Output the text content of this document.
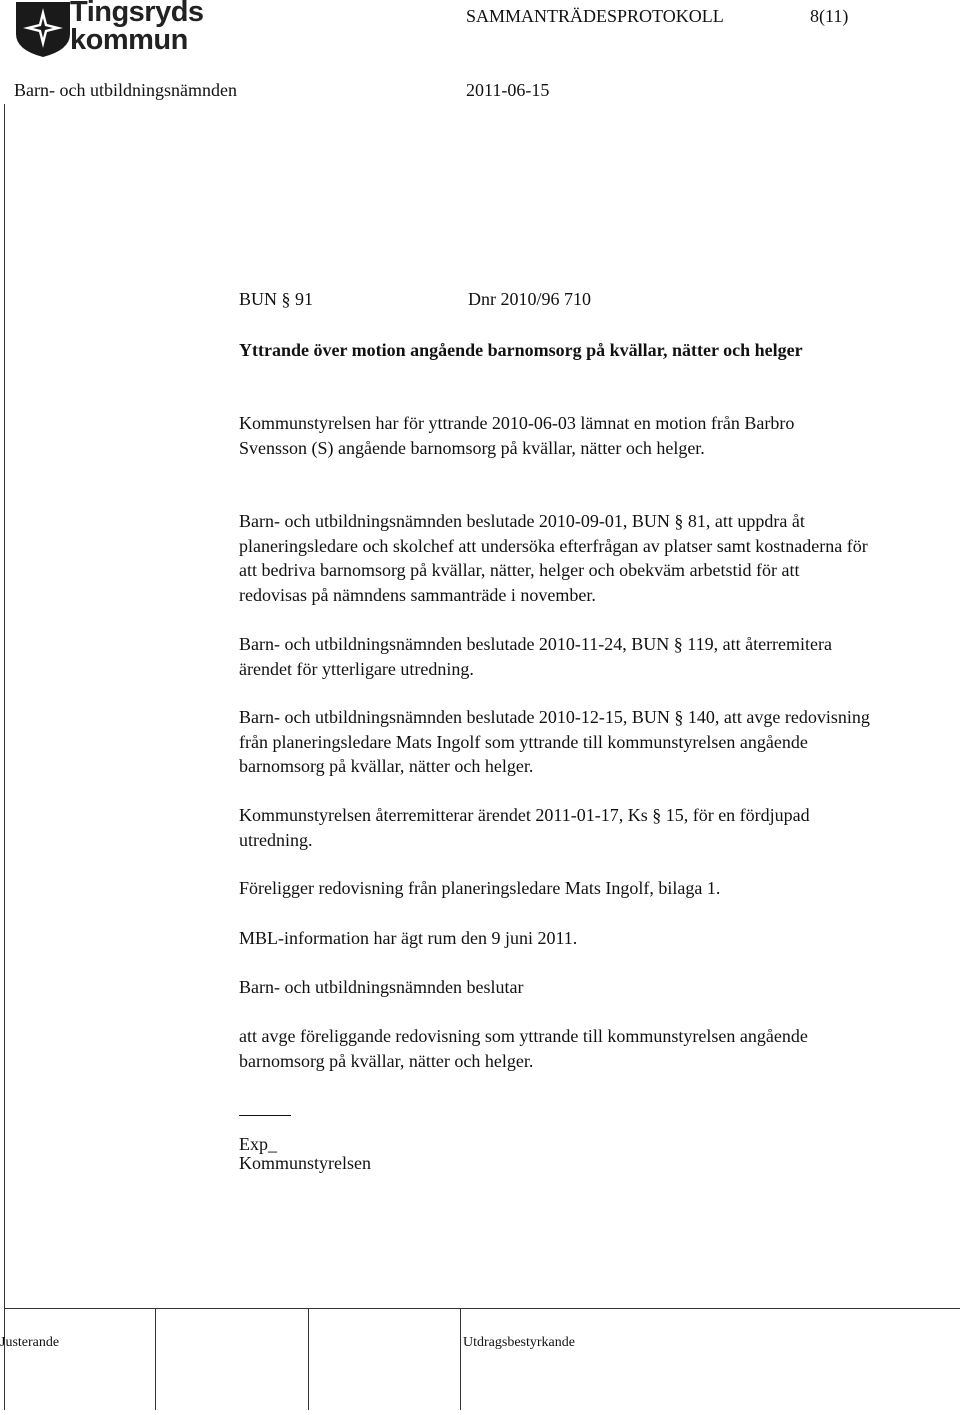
Tingsryds
kommun
SAMMANTRÄDESPROTOKOLL	8(11)
Barn- och utbildningsnämnden	2011-06-15
BUN § 91	Dnr 2010/96 710
Yttrande över motion angående barnomsorg på kvällar, nätter och helger
Kommunstyrelsen har för yttrande 2010-06-03 lämnat en motion från Barbro Svensson (S) angående barnomsorg på kvällar, nätter och helger.
Barn- och utbildningsnämnden beslutade 2010-09-01, BUN § 81, att uppdra åt planeringsledare och skolchef att undersöka efterfrågan av platser samt kostnaderna för att bedriva barnomsorg på kvällar, nätter, helger och obekväm arbetstid för att redovisas på nämndens sammanträde i november.
Barn- och utbildningsnämnden beslutade 2010-11-24, BUN § 119, att återremitera ärendet för ytterligare utredning.
Barn- och utbildningsnämnden beslutade 2010-12-15, BUN § 140, att avge redovisning från planeringsledare Mats Ingolf som yttrande till kommunstyrelsen angående barnomsorg på kvällar, nätter och helger.
Kommunstyrelsen återremitterar ärendet 2011-01-17, Ks § 15, för en fördjupad utredning.
Föreligger redovisning från planeringsledare Mats Ingolf, bilaga 1.
MBL-information har ägt rum den 9 juni 2011.
Barn- och utbildningsnämnden beslutar
att avge föreliggande redovisning som yttrande till kommunstyrelsen angående barnomsorg på kvällar, nätter och helger.
Exp_
Kommunstyrelsen
Justerande	Utdragsbestyrkande
